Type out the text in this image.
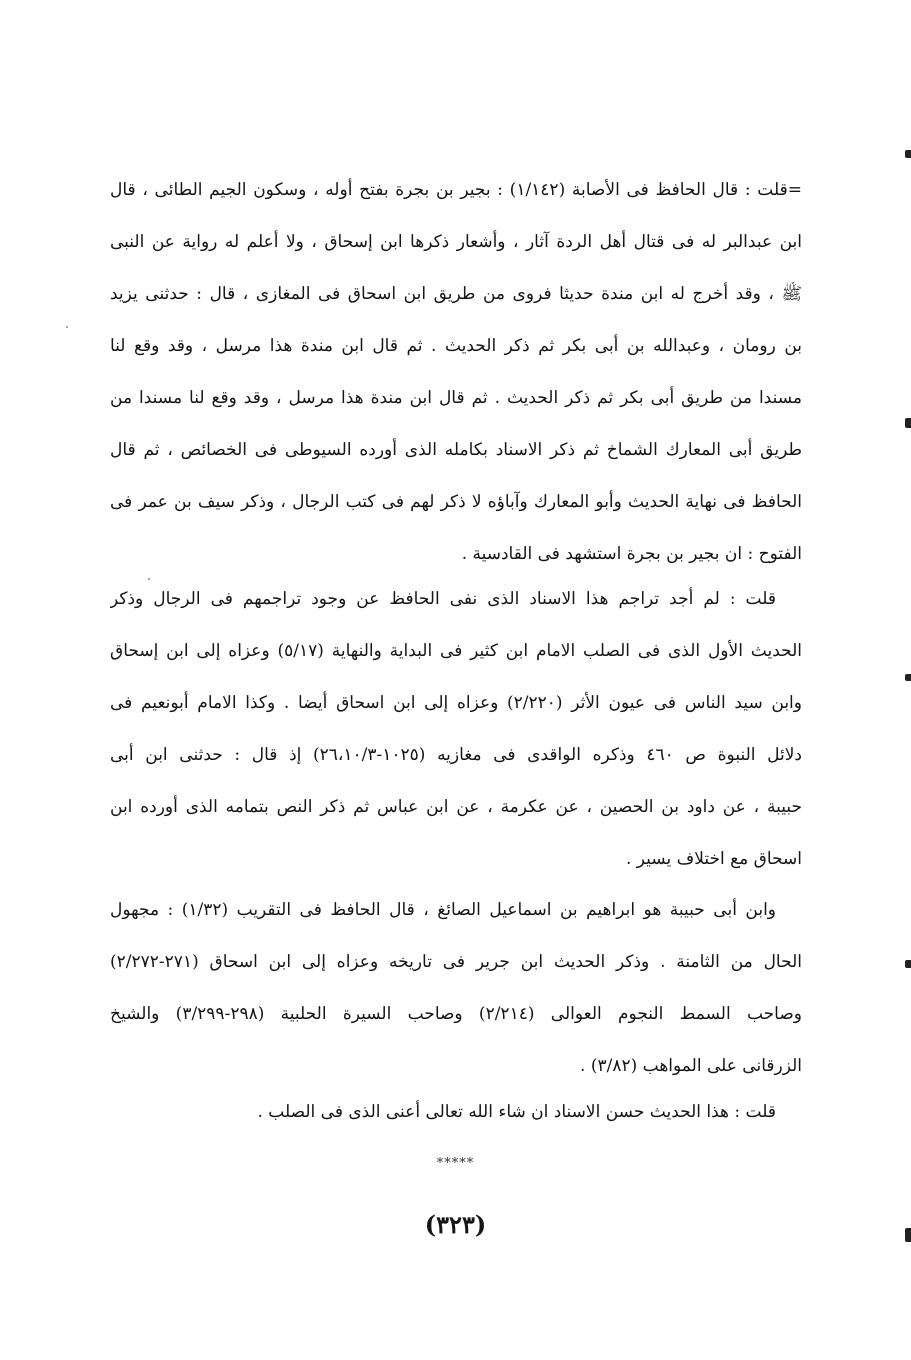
=قلت : قال الحافظ فى الأصابة (١/١٤٢) : بجير بن بجرة بفتح أوله ، وسكون الجيم الطائى ، قال
ابن عبدالبر له فى قتال أهل الردة آثار ، وأشعار ذكرها ابن إسحاق ، ولا أعلم له رواية عن النبى
ﷺ ، وقد أخرج له ابن مندة حديثا فروى من طريق ابن اسحاق فى المغازى ، قال : حدثنى يزيد
بن رومان ، وعبدالله بن أبى بكر ثم ذكر الحديث . ثم قال ابن مندة هذا مرسل ، وقد وقع لنا
مسندا من طريق أبى بكر ثم ذكر الحديث . ثم قال ابن مندة هذا مرسل ، وقد وقع لنا مسندا من
طريق أبى المعارك الشماخ ثم ذكر الاسناد بكامله الذى أورده السيوطى فى الخصائص ، ثم قال
الحافظ فى نهاية الحديث وأبو المعارك وآباؤه لا ذكر لهم فى كتب الرجال ، وذكر سيف بن عمر فى
الفتوح : ان بجير بن بجرة استشهد فى القادسية .
قلت : لم أجد تراجم هذا الاسناد الذى نفى الحافظ عن وجود تراجمهم فى الرجال وذكر
الحديث الأول الذى فى الصلب الامام ابن كثير فى البداية والنهاية (٥/١٧) وعزاه إلى ابن إسحاق
وابن سيد الناس فى عيون الأثر (٢/٢٢٠) وعزاه إلى ابن اسحاق أيضا . وكذا الامام أبونعيم فى
دلائل النبوة ص ٤٦٠ وذكره الواقدى فى مغازيه (١٠٢٥-٢٦،١٠/٣) إذ قال : حدثنى ابن أبى
حبيبة ، عن داود بن الحصين ، عن عكرمة ، عن ابن عباس ثم ذكر النص بتمامه الذى أورده ابن
اسحاق مع اختلاف يسير .
وابن أبى حبيبة هو ابراهيم بن اسماعيل الصائغ ، قال الحافظ فى التقريب (١/٣٢) : مجهول
الحال من الثامنة . وذكر الحديث ابن جرير فى تاريخه وعزاه إلى ابن اسحاق (٢٧١-٢/٢٧٢)
وصاحب السمط النجوم العوالى (٢/٢١٤) وصاحب السيرة الحلبية (٢٩٨-٣/٢٩٩) والشيخ
الزرقانى على المواهب (٣/٨٢) .
قلت : هذا الحديث حسن الاسناد ان شاء الله تعالى أعنى الذى فى الصلب .
*****
(٣٢٣)
